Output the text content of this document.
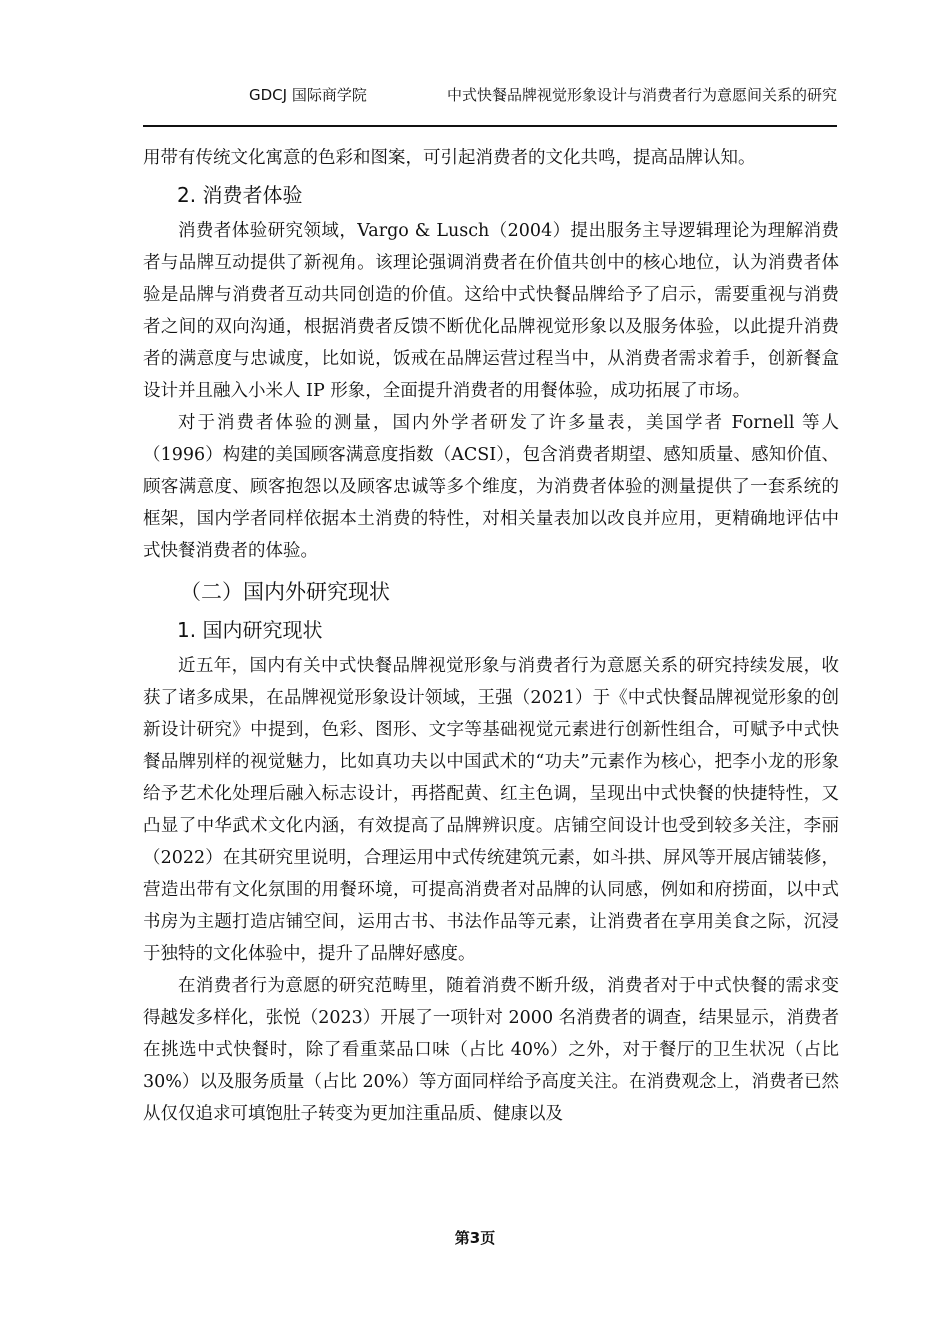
GDCJ 国际商学院	中式快餐品牌视觉形象设计与消费者行为意愿间关系的研究

用带有传统文化寓意的色彩和图案，可引起消费者的文化共鸣，提高品牌认知。

2. 消费者体验

消费者体验研究领域，Vargo & Lusch（2004）提出服务主导逻辑理论为理解消费者与品牌互动提供了新视角。该理论强调消费者在价值共创中的核心地位，认为消费者体验是品牌与消费者互动共同创造的价值。这给中式快餐品牌给予了启示，需要重视与消费者之间的双向沟通，根据消费者反馈不断优化品牌视觉形象以及服务体验，以此提升消费者的满意度与忠诚度，比如说，饭戒在品牌运营过程当中，从消费者需求着手，创新餐盒设计并且融入小米人 IP 形象，全面提升消费者的用餐体验，成功拓展了市场。

对于消费者体验的测量，国内外学者研发了许多量表，美国学者 Fornell 等人（1996）构建的美国顾客满意度指数（ACSI），包含消费者期望、感知质量、感知价值、顾客满意度、顾客抱怨以及顾客忠诚等多个维度，为消费者体验的测量提供了一套系统的框架，国内学者同样依据本土消费的特性，对相关量表加以改良并应用，更精确地评估中式快餐消费者的体验。

（二）国内外研究现状
1. 国内研究现状

近五年，国内有关中式快餐品牌视觉形象与消费者行为意愿关系的研究持续发展，收获了诸多成果，在品牌视觉形象设计领域，王强（2021）于《中式快餐品牌视觉形象的创新设计研究》中提到，色彩、图形、文字等基础视觉元素进行创新性组合，可赋予中式快餐品牌别样的视觉魅力，比如真功夫以中国武术的“功夫”元素作为核心，把李小龙的形象给予艺术化处理后融入标志设计，再搭配黄、红主色调，呈现出中式快餐的快捷特性，又凸显了中华武术文化内涵，有效提高了品牌辨识度。店铺空间设计也受到较多关注，李丽（2022）在其研究里说明，合理运用中式传统建筑元素，如斗拱、屏风等开展店铺装修，营造出带有文化氛围的用餐环境，可提高消费者对品牌的认同感，例如和府捞面，以中式书房为主题打造店铺空间，运用古书、书法作品等元素，让消费者在享用美食之际，沉浸于独特的文化体验中，提升了品牌好感度。

在消费者行为意愿的研究范畴里，随着消费不断升级，消费者对于中式快餐的需求变得越发多样化，张悦（2023）开展了一项针对 2000 名消费者的调查，结果显示，消费者在挑选中式快餐时，除了看重菜品口味（占比 40%）之外，对于餐厅的卫生状况（占比 30%）以及服务质量（占比 20%）等方面同样给予高度关注。在消费观念上，消费者已然从仅仅追求可填饱肚子转变为更加注重品质、健康以及

第3页
